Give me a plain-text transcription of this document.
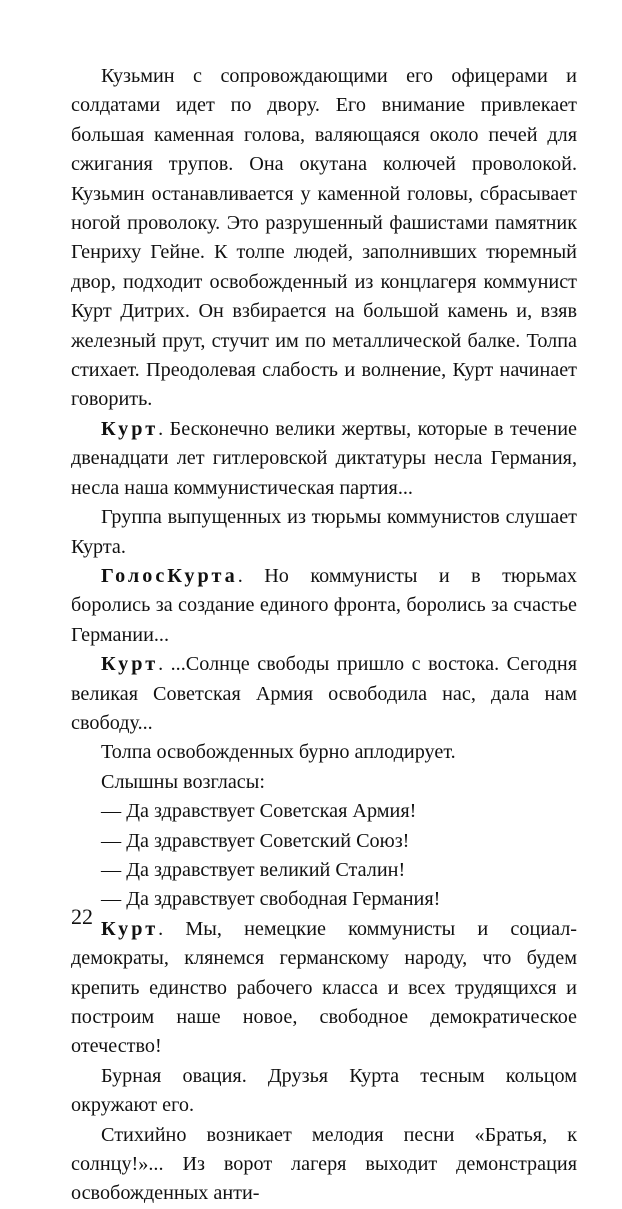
Кузьмин с сопровождающими его офицерами и солдатами идет по двору. Его внимание привлекает большая каменная голова, валяющаяся около печей для сжигания трупов. Она окутана колючей проволокой. Кузьмин останавливается у каменной головы, сбрасывает ногой проволоку. Это разрушенный фашистами памятник Генриху Гейне. К толпе людей, заполнивших тюремный двор, подходит освобожденный из концлагеря коммунист Курт Дитрих. Он взбирается на большой камень и, взяв железный прут, стучит им по металлической балке. Толпа стихает. Преодолевая слабость и волнение, Курт начинает говорить.

Курт. Бесконечно велики жертвы, которые в течение двенадцати лет гитлеровской диктатуры несла Германия, несла наша коммунистическая партия...

Группа выпущенных из тюрьмы коммунистов слушает Курта.

ГолосКурта. Но коммунисты и в тюрьмах боролись за создание единого фронта, боролись за счастье Германии...

Курт. ...Солнце свободы пришло с востока. Сегодня великая Советская Армия освободила нас, дала нам свободу...

Толпа освобожденных бурно аплодирует.

Слышны возгласы:

— Да здравствует Советская Армия!

— Да здравствует Советский Союз!

— Да здравствует великий Сталин!

— Да здравствует свободная Германия!

Курт. Мы, немецкие коммунисты и социал-демократы, клянемся германскому народу, что будем крепить единство рабочего класса и всех трудящихся и построим наше новое, свободное демократическое отечество!

Бурная овация. Друзья Курта тесным кольцом окружают его.

Стихийно возникает мелодия песни «Братья, к солнцу!»... Из ворот лагеря выходит демонстрация освобожденных анти-

22
